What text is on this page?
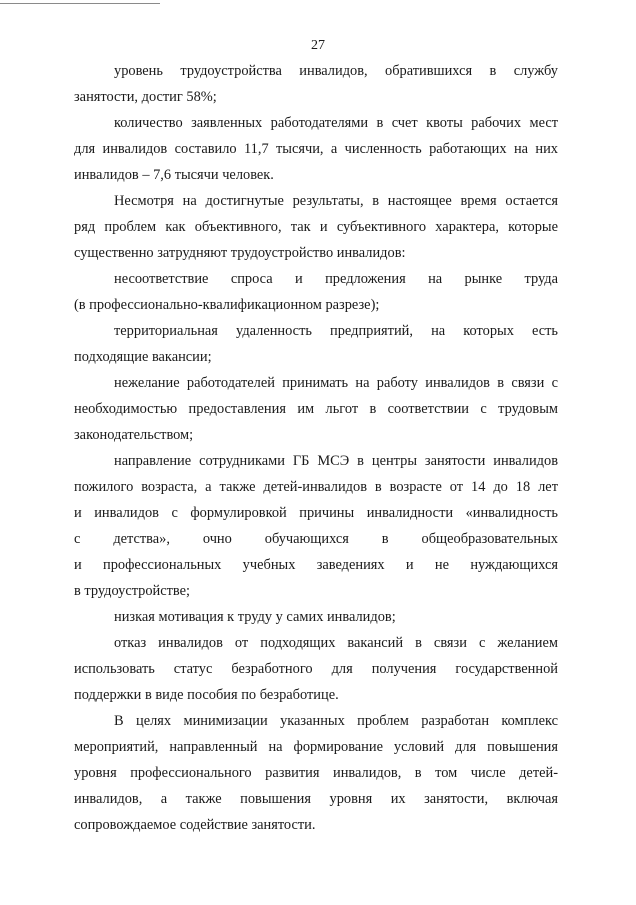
27
уровень трудоустройства инвалидов, обратившихся в службу
занятости, достиг 58%;
количество заявленных работодателями в счет квоты рабочих мест
для инвалидов составило 11,7 тысячи, а численность работающих на них
инвалидов – 7,6 тысячи человек.
Несмотря на достигнутые результаты, в настоящее время остается
ряд проблем как объективного, так и субъективного характера, которые
существенно затрудняют трудоустройство инвалидов:
несоответствие спроса и предложения на рынке труда
(в профессионально-квалификационном разрезе);
территориальная удаленность предприятий, на которых есть
подходящие вакансии;
нежелание работодателей принимать на работу инвалидов в связи с
необходимостью предоставления им льгот в соответствии с трудовым
законодательством;
направление сотрудниками ГБ МСЭ в центры занятости инвалидов
пожилого возраста, а также детей-инвалидов в возрасте от 14 до 18 лет
и инвалидов с формулировкой причины инвалидности «инвалидность
с детства», очно обучающихся в общеобразовательных
и профессиональных учебных заведениях и не нуждающихся
в трудоустройстве;
низкая мотивация к труду у самих инвалидов;
отказ инвалидов от подходящих вакансий в связи с желанием
использовать статус безработного для получения государственной
поддержки в виде пособия по безработице.
В целях минимизации указанных проблем разработан комплекс
мероприятий, направленный на формирование условий для повышения
уровня профессионального развития инвалидов, в том числе детей-
инвалидов, а также повышения уровня их занятости, включая
сопровождаемое содействие занятости.
